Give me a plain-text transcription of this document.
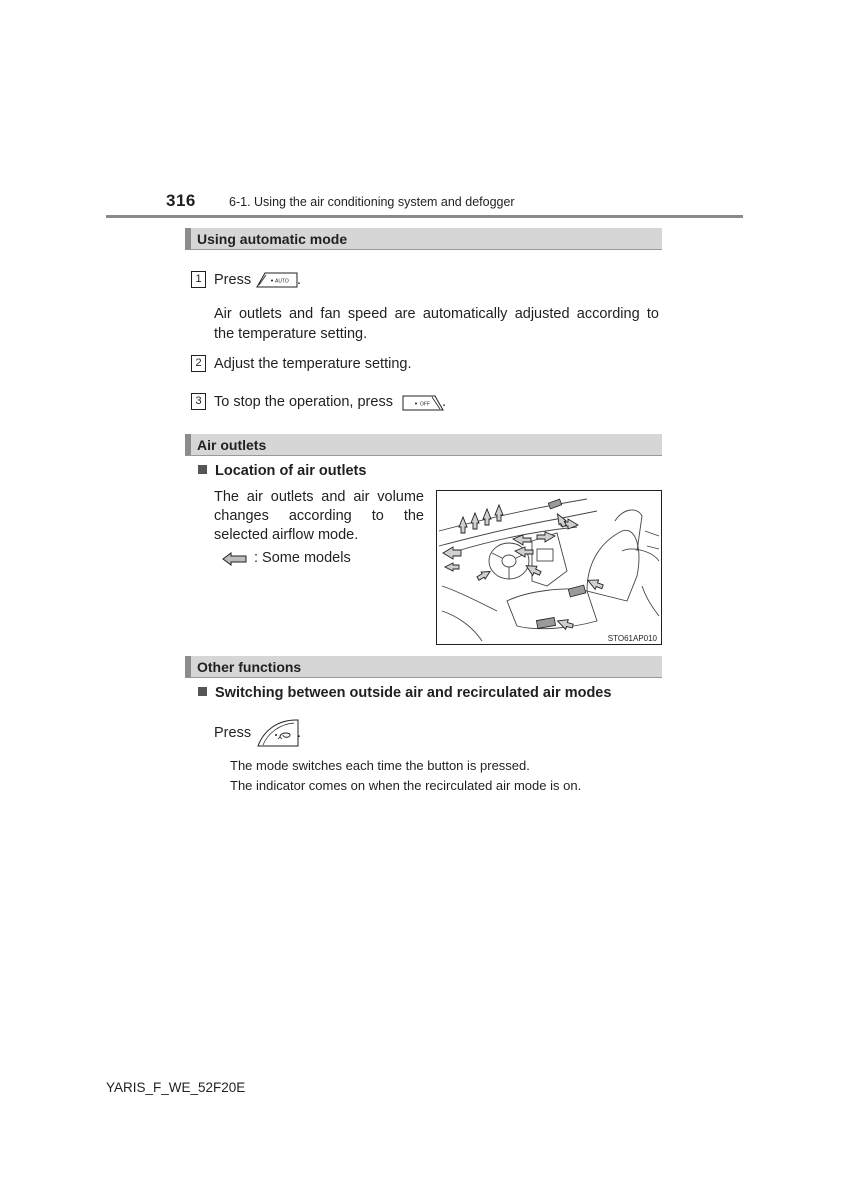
316	6-1. Using the air conditioning system and defogger
Using automatic mode
1 Press	AUTO .
Air outlets and fan speed are automatically adjusted according to
the temperature setting.
2 Adjust the temperature setting.
3 To stop the operation, press	OFF .
Air outlets
Location of air outlets
The air outlets and air volume
changes according to the
selected airflow mode.
: Some models
STO61AP010
Other functions
Switching between outside air and recirculated air modes
Press	.
The mode switches each time the button is pressed.
The indicator comes on when the recirculated air mode is on.
YARIS_F_WE_52F20E
